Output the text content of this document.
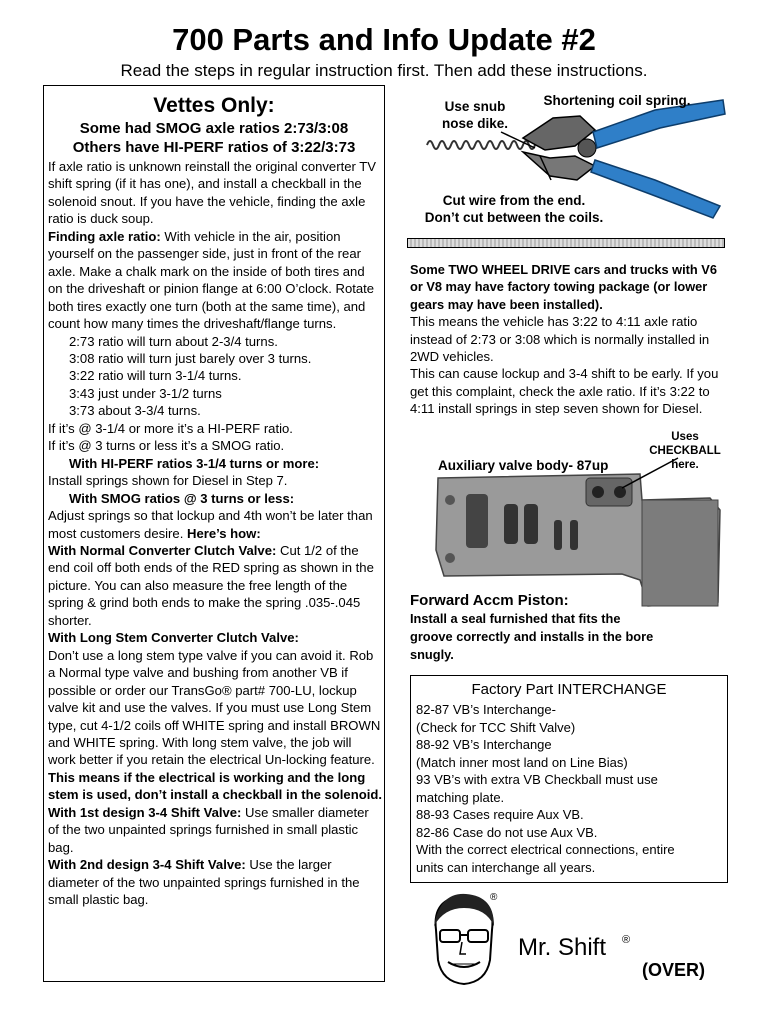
700 Parts and Info Update #2
Read the steps in regular instruction first. Then add these instructions.
Vettes Only:
Some had SMOG axle ratios 2:73/3:08
Others have HI-PERF ratios of 3:22/3:73

If axle ratio is unknown reinstall the original converter TV shift spring (if it has one), and install a checkball in the solenoid snout. If you have the vehicle, finding the axle ratio is duck soup.

Finding axle ratio: With vehicle in the air, position yourself on the passenger side, just in front of the rear axle. Make a chalk mark on the inside of both tires and on the driveshaft or pinion flange at 6:00 O’clock. Rotate both tires exactly one turn (both at the same time), and count how many times the driveshaft/flange turns.

2:73 ratio will turn about 2-3/4 turns.

3:08 ratio will turn just barely over 3 turns.

3:22 ratio will turn 3-1/4 turns.

3:43 just under 3-1/2 turns

3:73 about 3-3/4 turns.

If it’s @ 3-1/4 or more it’s a HI-PERF ratio.

If it’s @ 3 turns or less it’s a SMOG ratio.

With HI-PERF ratios 3-1/4 turns or more:

Install springs shown for Diesel in Step 7.

With SMOG ratios @ 3 turns or less:

Adjust springs so that lockup and 4th won’t be later than most customers desire. Here’s how:

With Normal Converter Clutch Valve: Cut 1/2 of the end coil off both ends of the RED spring as shown in the picture. You can also measure the free length of the spring & grind both ends to make the spring .035-.045 shorter.

With Long Stem Converter Clutch Valve:

Don’t use a long stem type valve if you can avoid it. Rob a Normal type valve and bushing from another VB if possible or order our TransGo® part# 700-LU, lockup valve kit and use the valves. If you must use Long Stem type, cut 4-1/2 coils off WHITE spring and install BROWN and WHITE spring. With long stem valve, the job will work better if you retain the electrical Un-locking feature. This means if the electrical is working and the long stem is used, don’t install a checkball in the solenoid.

With 1st design 3-4 Shift Valve: Use smaller diameter of the two unpainted springs furnished in small plastic bag.

With 2nd design 3-4 Shift Valve: Use the larger diameter of the two unpainted springs furnished in the small plastic bag.

Use snub
nose dike.
Shortening coil spring.
Cut wire from the end.
Don’t cut between the coils.

Some TWO WHEEL DRIVE cars and trucks with V6 or V8 may have factory towing package (or lower gears may have been installed).

This means the vehicle has 3:22 to 4:11 axle ratio instead of 2:73 or 3:08 which is normally installed in 2WD vehicles.
This can cause lockup and 3-4 shift to be early. If you get this complaint, check the axle ratio. If it’s 3:22 to 4:11 install springs in step seven shown for Diesel.

Auxiliary valve body- 87up
Uses
CHECKBALL
here.
Forward Accm Piston:
Install a seal furnished that fits the groove correctly and installs in the bore snugly.
Factory Part INTERCHANGE
82-87 VB’s Interchange-
(Check for TCC Shift Valve)
88-92 VB’s Interchange
(Match inner most land on Line Bias)
93 VB’s with extra VB Checkball must use
matching plate.
88-93 Cases require Aux VB.
82-86 Case do not use Aux VB.
With the correct electrical connections, entire
units can interchange all years.
®
Mr. Shift ®
(OVER)
